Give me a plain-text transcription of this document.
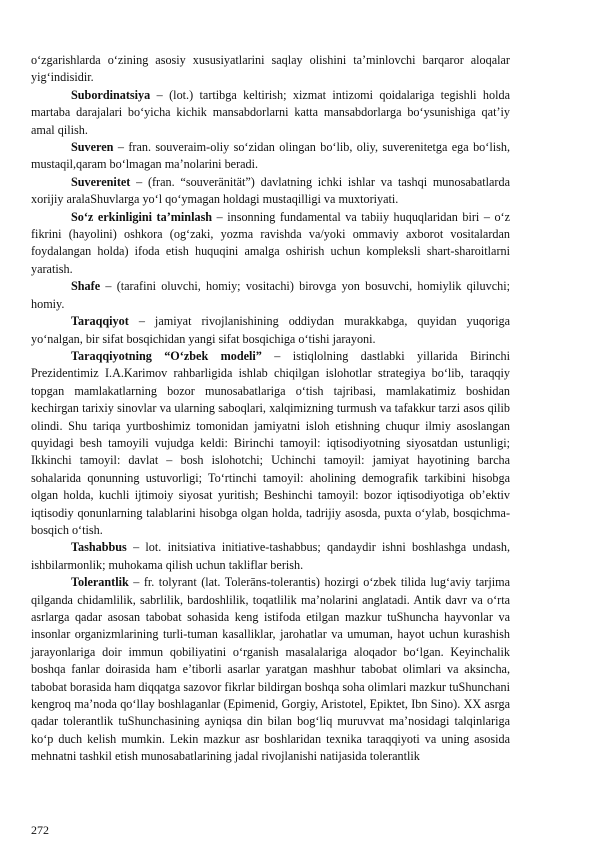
o‘zgarishlarda o‘zining asosiy xususiyatlarini saqlay olishini ta’minlovchi barqaror aloqalar yig‘indisidir.

Subordinatsiya – (lot.) tartibga keltirish; xizmat intizomi qoidalariga tegishli holda martaba darajalari bo‘yicha kichik mansabdorlarni katta mansabdorlarga bo‘ysunishiga qat’iy amal qilish.

Suveren – fran. souveraim-oliy so‘zidan olingan bo‘lib, oliy, suverenitetga ega bo‘lish, mustaqil,qaram bo‘lmagan ma’nolarini beradi.

Suverenitet – (fran. “souveränität”) davlatning ichki ishlar va tashqi munosabatlarda xorijiy aralaShuvlarga yo‘l qo‘ymagan holdagi mustaqilligi va muxtoriyati.

So‘z erkinligini ta’minlash – insonning fundamental va tabiiy huquqlaridan biri – o‘z fikrini (hayolini) oshkora (og‘zaki, yozma ravishda va/yoki ommaviy axborot vositalardan foydalangan holda) ifoda etish huquqini amalga oshirish uchun kompleksli shart-sharoitlarni yaratish.

Shafe – (tarafini oluvchi, homiy; vositachi) birovga yon bosuvchi, homiylik qiluvchi; homiy.

Taraqqiyot – jamiyat rivojlanishining oddiydan murakkabga, quyidan yuqoriga yo‘nalgan, bir sifat bosqichidan yangi sifat bosqichiga o‘tishi jarayoni.

Taraqqiyotning “O‘zbek modeli” – istiqlolning dastlabki yillarida Birinchi Prezidentimiz I.A.Karimov rahbarligida ishlab chiqilgan islohotlar strategiya bo‘lib, taraqqiy topgan mamlakatlarning bozor munosabatlariga o‘tish tajribasi, mamlakatimiz boshidan kechirgan tarixiy sinovlar va ularning saboqlari, xalqimizning turmush va tafakkur tarzi asos qilib olindi. Shu tariqa yurtboshimiz tomonidan jamiyatni isloh etishning chuqur ilmiy asoslangan quyidagi besh tamoyili vujudga keldi: Birinchi tamoyil: iqtisodiyotning siyosatdan ustunligi; Ikkinchi tamoyil: davlat – bosh islohotchi; Uchinchi tamoyil: jamiyat hayotining barcha sohalarida qonunning ustuvorligi; To‘rtinchi tamoyil: aholining demografik tarkibini hisobga olgan holda, kuchli ijtimoiy siyosat yuritish; Beshinchi tamoyil: bozor iqtisodiyotiga ob’ektiv iqtisodiy qonunlarning talablarini hisobga olgan holda, tadrijiy asosda, puxta o‘ylab, bosqichma-bosqich o‘tish.

Tashabbus – lot. initsiativa initiative-tashabbus; qandaydir ishni boshlashga undash, ishbilarmonlik; muhokama qilish uchun takliflar berish.

Tolerantlik – fr. tolyrant (lat. Tolerāns-tolerantis) hozirgi o‘zbek tilida lug‘aviy tarjima qilganda chidamlilik, sabrlilik, bardoshlilik, toqatlilik ma’nolarini anglatadi. Antik davr va o‘rta asrlarga qadar asosan tabobat sohasida keng istifoda etilgan mazkur tuShuncha hayvonlar va insonlar organizmlarining turli-tuman kasalliklar, jarohatlar va umuman, hayot uchun kurashish jarayonlariga doir immun qobiliyatini o‘rganish masalalariga aloqador bo‘lgan. Keyinchalik boshqa fanlar doirasida ham e’tiborli asarlar yaratgan mashhur tabobat olimlari va aksincha, tabobat borasida ham diqqatga sazovor fikrlar bildirgan boshqa soha olimlari mazkur tuShunchani kengroq ma’noda qo‘llay boshlaganlar (Epimenid, Gorgiy, Aristotel, Epiktet, Ibn Sino). XX asrga qadar tolerantlik tuShunchasining ayniqsa din bilan bog‘liq muruvvat ma’nosidagi talqinlariga ko‘p duch kelish mumkin. Lekin mazkur asr boshlaridan texnika taraqqiyoti va uning asosida mehnatni tashkil etish munosabatlarining jadal rivojlanishi natijasida tolerantlik

272
